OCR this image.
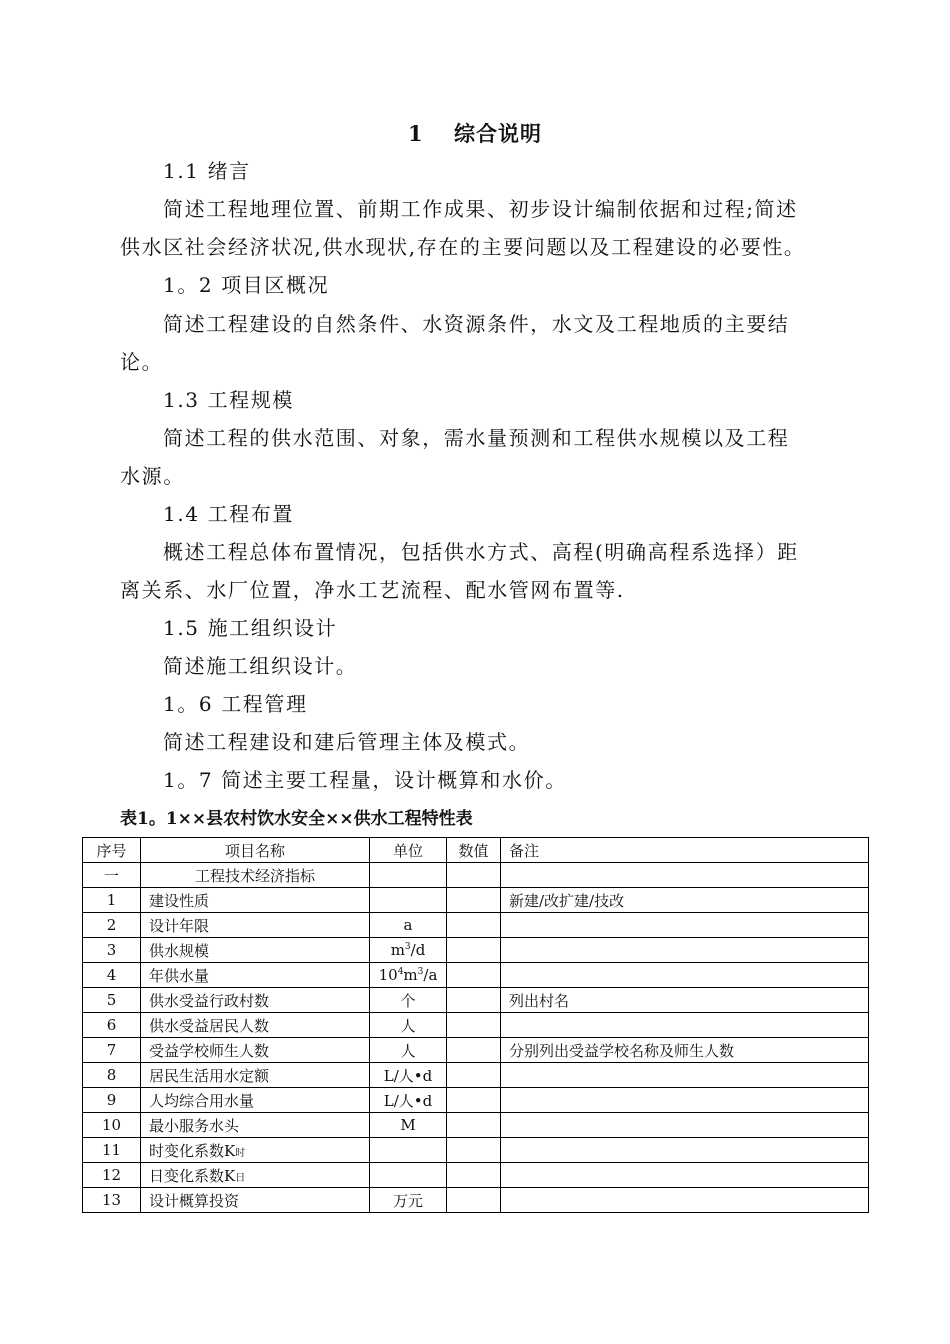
1　 综合说明
1.1 绪言
简述工程地理位置、前期工作成果、初步设计编制依据和过程;简述
供水区社会经济状况,供水现状,存在的主要问题以及工程建设的必要性。
1。2 项目区概况
简述工程建设的自然条件、水资源条件，水文及工程地质的主要结
论。
1.3 工程规模
简述工程的供水范围、对象，需水量预测和工程供水规模以及工程
水源。
1.4 工程布置
概述工程总体布置情况，包括供水方式、高程(明确高程系选择）距
离关系、水厂位置，净水工艺流程、配水管网布置等.
1.5 施工组织设计
简述施工组织设计。
1。6 工程管理
简述工程建设和建后管理主体及模式。
1。7 简述主要工程量，设计概算和水价。
表1。1××县农村饮水安全××供水工程特性表
序号	项目名称	单位	数值	备注
一	工程技术经济指标			
1	建设性质			新建/改扩建/技改
2	设计年限	a		
3	供水规模	$m^3/d$		
4	年供水量	$10^4m^3/a$		
5	供水受益行政村数	个		列出村名
6	供水受益居民人数	人		
7	受益学校师生人数	人		分别列出受益学校名称及师生人数
8	居民生活用水定额	L/人•d		
9	人均综合用水量	L/人•d		
10	最小服务水头	M		
11	时变化系数K时			
12	日变化系数K日			
13	设计概算投资	万元		
